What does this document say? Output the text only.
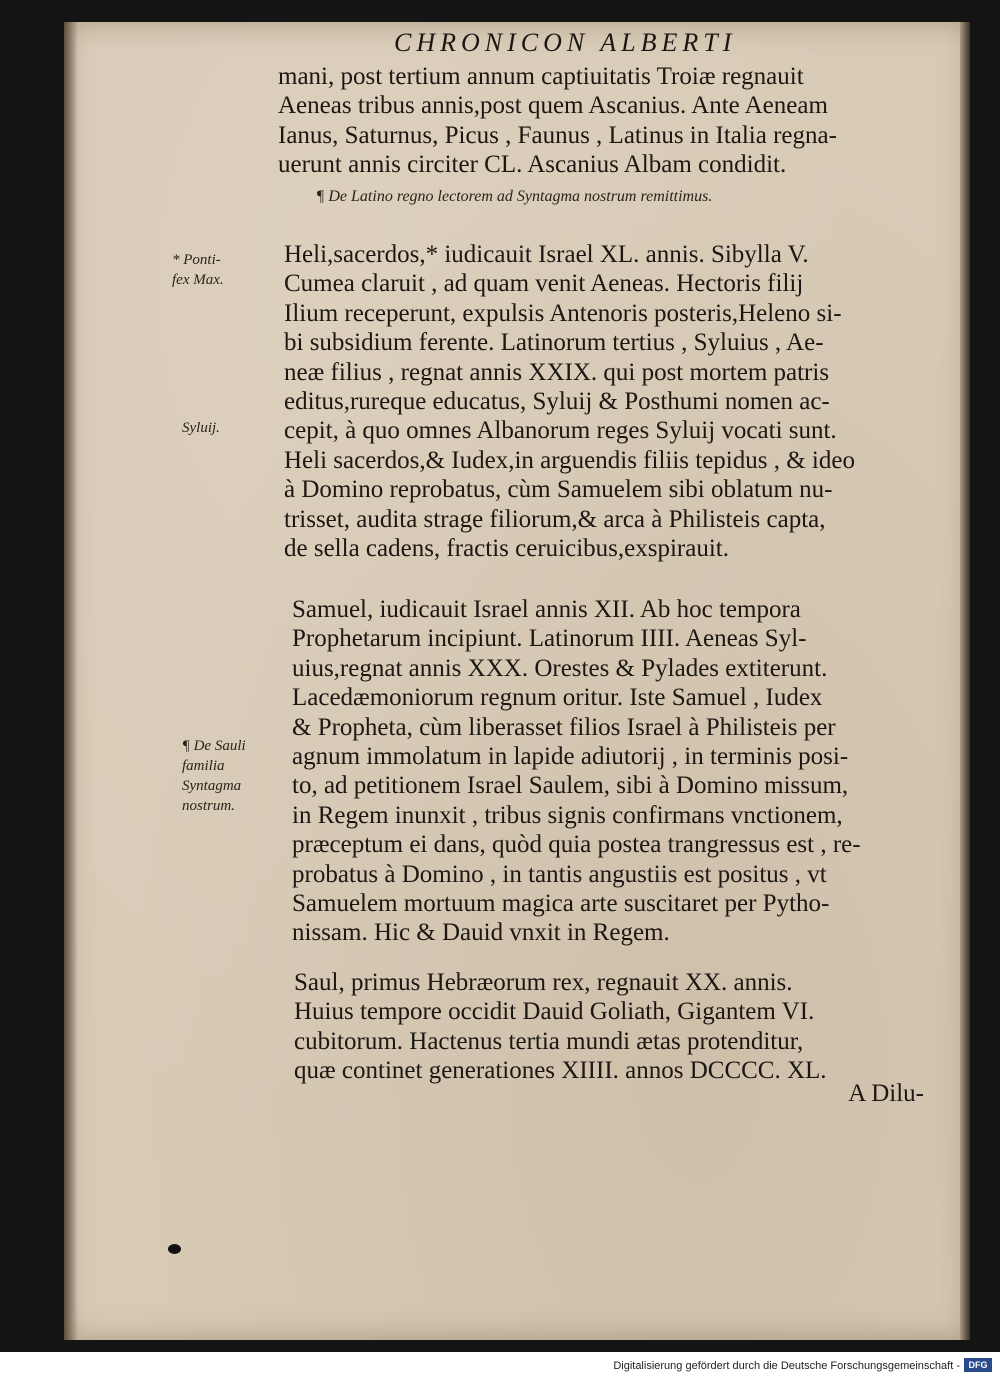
CHRONICON ALBERTI
mani, post tertium annum captiuitatis Troiæ regnauit
Aeneas tribus annis,post quem Ascanius. Ante Aeneam
Ianus, Saturnus, Picus , Faunus , Latinus in Italia regna-
uerunt annis circiter CL. Ascanius Albam condidit.
¶ De Latino regno lectorem ad Syntagma nostrum remittimus.
Heli,sacerdos,* iudicauit Israel XL. annis. Sibylla V.
Cumea claruit , ad quam venit Aeneas. Hectoris filij
Ilium receperunt, expulsis Antenoris posteris,Heleno si-
bi subsidium ferente. Latinorum tertius , Syluius , Ae-
neæ filius , regnat annis XXIX. qui post mortem patris
editus,rureque educatus, Syluij & Posthumi nomen ac-
cepit, à quo omnes Albanorum reges Syluij vocati sunt.
Heli sacerdos,& Iudex,in arguendis filiis tepidus , & ideo
à Domino reprobatus, cùm Samuelem sibi oblatum nu-
trisset, audita strage filiorum,& arca à Philisteis capta,
de sella cadens, fractis ceruicibus,exspirauit.
Samuel, iudicauit Israel annis XII. Ab hoc tempora
Prophetarum incipiunt. Latinorum IIII. Aeneas Syl-
uius,regnat annis XXX. Orestes & Pylades extiterunt.
Lacedæmoniorum regnum oritur. Iste Samuel , Iudex
& Propheta, cùm liberasset filios Israel à Philisteis per
agnum immolatum in lapide adiutorij , in terminis posi-
to, ad petitionem Israel Saulem, sibi à Domino missum,
in Regem inunxit , tribus signis confirmans vnctionem,
præceptum ei dans, quòd quia postea trangressus est , re-
probatus à Domino , in tantis angustiis est positus , vt
Samuelem mortuum magica arte suscitaret per Pytho-
nissam. Hic & Dauid vnxit in Regem.
Saul, primus Hebræorum rex, regnauit XX. annis.
Huius tempore occidit Dauid Goliath, Gigantem VI.
cubitorum. Hactenus tertia mundi ætas protenditur,
quæ continet generationes XIIII. annos DCCCC. XL.
A Dilu-
* Ponti-
fex Max.
Syluij.
¶ De Sauli
familia
Syntagma
nostrum.
Digitalisierung gefördert durch die Deutsche Forschungsgemeinschaft - DFG
